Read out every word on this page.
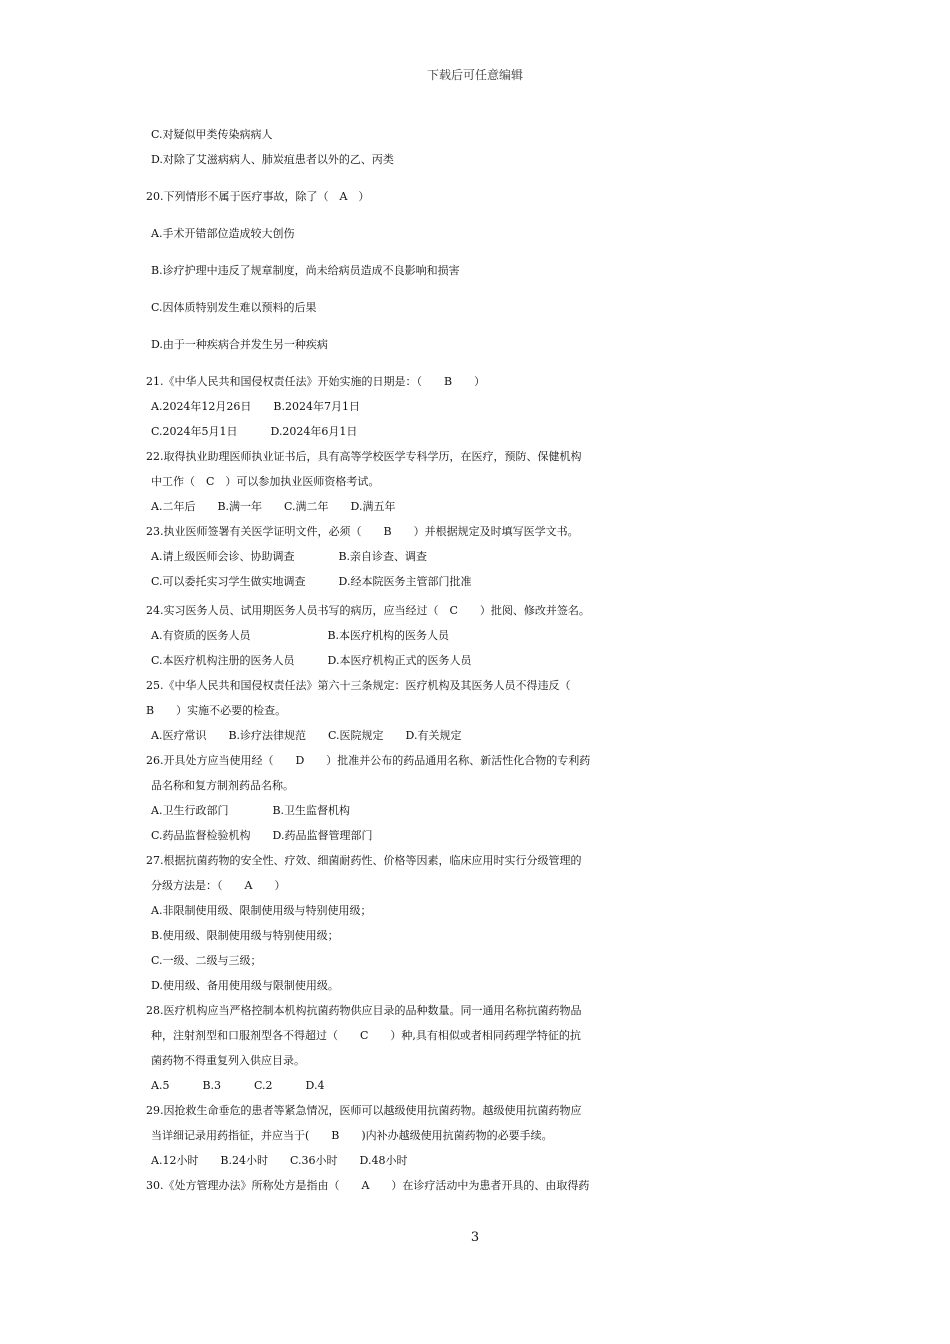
下载后可任意编辑
C.对疑似甲类传染病病人
D.对除了艾滋病病人、肺炭疽患者以外的乙、丙类
20.下列情形不属于医疗事故，除了（　A　）
A.手术开错部位造成较大创伤
B.诊疗护理中违反了规章制度，尚未给病员造成不良影响和损害
C.因体质特别发生难以预料的后果
D.由于一种疾病合并发生另一种疾病
21.《中华人民共和国侵权责任法》开始实施的日期是：（　　B　　）
A.2024年12月26日　　B.2024年7月1日
C.2024年5月1日　　　D.2024年6月1日
22.取得执业助理医师执业证书后，具有高等学校医学专科学历，在医疗，预防、保健机构
中工作（　C　）可以参加执业医师资格考试。
A.二年后　　B.满一年　　C.满二年　　D.满五年
23.执业医师签署有关医学证明文件，必须（　　B　　）并根据规定及时填写医学文书。
A.请上级医师会诊、协助调查　　　　B.亲自诊查、调查
C.可以委托实习学生做实地调查　　　D.经本院医务主管部门批准
24.实习医务人员、试用期医务人员书写的病历，应当经过（　C　　）批阅、修改并签名。
A.有资质的医务人员　　　　　　　B.本医疗机构的医务人员
C.本医疗机构注册的医务人员　　　D.本医疗机构正式的医务人员
25.《中华人民共和国侵权责任法》第六十三条规定：医疗机构及其医务人员不得违反（
B　　）实施不必要的检查。
A.医疗常识　　B.诊疗法律规范　　C.医院规定　　D.有关规定
26.开具处方应当使用经（　　D　　）批准并公布的药品通用名称、新活性化合物的专利药
品名称和复方制剂药品名称。
A.卫生行政部门　　　　B.卫生监督机构
C.药品监督检验机构　　D.药品监督管理部门
27.根据抗菌药物的安全性、疗效、细菌耐药性、价格等因素，临床应用时实行分级管理的
分级方法是：（　　A　　）
A.非限制使用级、限制使用级与特别使用级；
B.使用级、限制使用级与特别使用级；
C.一级、二级与三级；
D.使用级、备用使用级与限制使用级。
28.医疗机构应当严格控制本机构抗菌药物供应目录的品种数量。同一通用名称抗菌药物品
种，注射剂型和口服剂型各不得超过（　　C　　）种,具有相似或者相同药理学特征的抗
菌药物不得重复列入供应目录。
A.5　　　B.3　　　C.2　　　D.4
29.因抢救生命垂危的患者等紧急情况，医师可以越级使用抗菌药物。越级使用抗菌药物应
当详细记录用药指征，并应当于(　　B　　)内补办越级使用抗菌药物的必要手续。
A.12小时　　B.24小时　　C.36小时　　D.48小时
30.《处方管理办法》所称处方是指由（　　A　　）在诊疗活动中为患者开具的、由取得药
3
